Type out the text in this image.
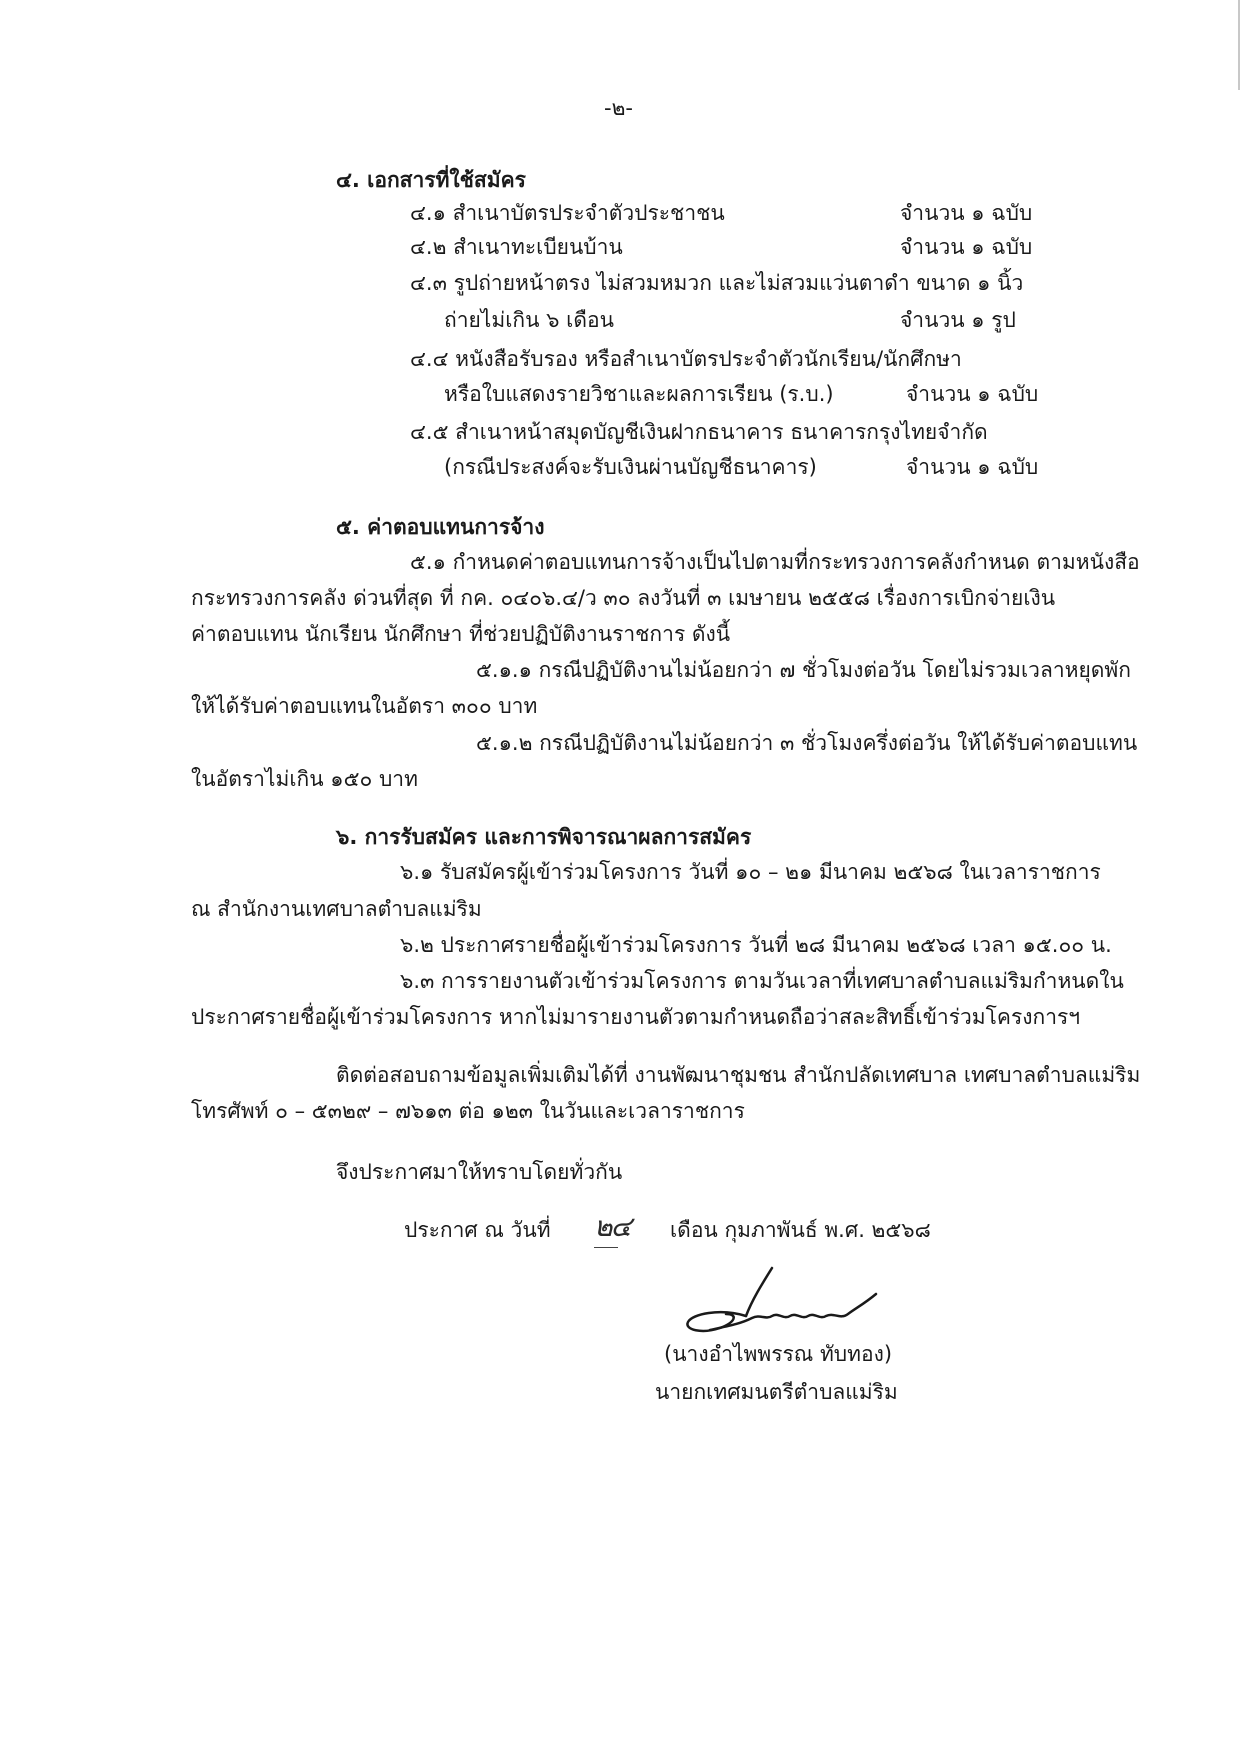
-๒-
๔. เอกสารที่ใช้สมัคร
๔.๑ สำเนาบัตรประจำตัวประชาชน	จำนวน ๑ ฉบับ
๔.๒ สำเนาทะเบียนบ้าน	จำนวน ๑ ฉบับ
๔.๓ รูปถ่ายหน้าตรง ไม่สวมหมวก และไม่สวมแว่นตาดำ ขนาด ๑ นิ้ว
ถ่ายไม่เกิน ๖ เดือน	จำนวน ๑ รูป
๔.๔ หนังสือรับรอง หรือสำเนาบัตรประจำตัวนักเรียน/นักศึกษา
หรือใบแสดงรายวิชาและผลการเรียน (ร.บ.)	จำนวน ๑ ฉบับ
๔.๕ สำเนาหน้าสมุดบัญชีเงินฝากธนาคาร ธนาคารกรุงไทยจำกัด
(กรณีประสงค์จะรับเงินผ่านบัญชีธนาคาร)	จำนวน ๑ ฉบับ
๕. ค่าตอบแทนการจ้าง
๕.๑ กำหนดค่าตอบแทนการจ้างเป็นไปตามที่กระทรวงการคลังกำหนด ตามหนังสือ
กระทรวงการคลัง ด่วนที่สุด ที่ กค. ๐๔๐๖.๔/ว ๓๐ ลงวันที่ ๓ เมษายน ๒๕๕๘ เรื่องการเบิกจ่ายเงิน
ค่าตอบแทน นักเรียน นักศึกษา ที่ช่วยปฏิบัติงานราชการ ดังนี้
๕.๑.๑ กรณีปฏิบัติงานไม่น้อยกว่า ๗ ชั่วโมงต่อวัน โดยไม่รวมเวลาหยุดพัก
ให้ได้รับค่าตอบแทนในอัตรา ๓๐๐ บาท
๕.๑.๒ กรณีปฏิบัติงานไม่น้อยกว่า ๓ ชั่วโมงครึ่งต่อวัน ให้ได้รับค่าตอบแทน
ในอัตราไม่เกิน ๑๕๐ บาท
๖. การรับสมัคร และการพิจารณาผลการสมัคร
๖.๑ รับสมัครผู้เข้าร่วมโครงการ วันที่ ๑๐ – ๒๑ มีนาคม ๒๕๖๘ ในเวลาราชการ
ณ สำนักงานเทศบาลตำบลแม่ริม
๖.๒ ประกาศรายชื่อผู้เข้าร่วมโครงการ วันที่ ๒๘ มีนาคม ๒๕๖๘ เวลา ๑๕.๐๐ น.
๖.๓ การรายงานตัวเข้าร่วมโครงการ ตามวันเวลาที่เทศบาลตำบลแม่ริมกำหนดใน
ประกาศรายชื่อผู้เข้าร่วมโครงการ หากไม่มารายงานตัวตามกำหนดถือว่าสละสิทธิ์เข้าร่วมโครงการฯ
ติดต่อสอบถามข้อมูลเพิ่มเติมได้ที่ งานพัฒนาชุมชน สำนักปลัดเทศบาล เทศบาลตำบลแม่ริม
โทรศัพท์ ๐ – ๕๓๒๙ – ๗๖๑๓ ต่อ ๑๒๓ ในวันและเวลาราชการ
จึงประกาศมาให้ทราบโดยทั่วกัน
ประกาศ ณ วันที่ ๒๔	เดือน กุมภาพันธ์ พ.ศ. ๒๕๖๘
(นางอำไพพรรณ ทับทอง)
นายกเทศมนตรีตำบลแม่ริม
